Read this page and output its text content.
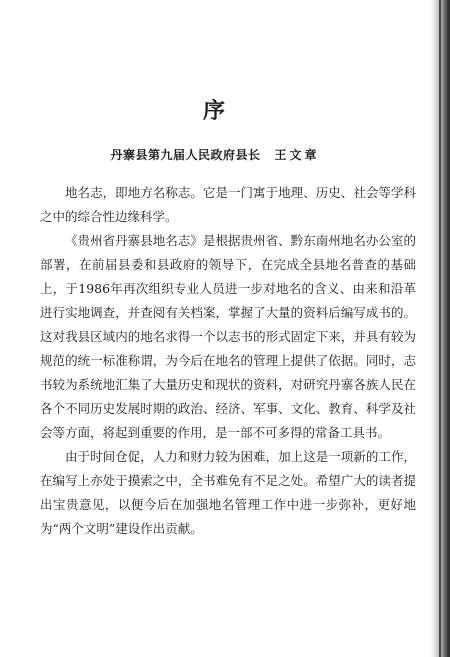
序
丹寨县第九届人民政府县长 王文章

地名志，即地方名称志。它是一门寓于地理、历史、社会等学科之中的综合性边缘科学。

《贵州省丹寨县地名志》是根据贵州省、黔东南州地名办公室的部署，在前届县委和县政府的领导下，在完成全县地名普查的基础上，于1986年再次组织专业人员进一步对地名的含义、由来和沿革进行实地调查，并查阅有关档案，掌握了大量的资料后编写成书的。这对我县区域内的地名求得一个以志书的形式固定下来，并具有较为规范的统一标准称谓，为今后在地名的管理上提供了依据。同时，志书较为系统地汇集了大量历史和现状的资料，对研究丹寨各族人民在各个不同历史发展时期的政治、经济、军事、文化、教育、科学及社会等方面，将起到重要的作用，是一部不可多得的常备工具书。

由于时间仓促，人力和财力较为困难，加上这是一项新的工作，在编写上亦处于摸索之中，全书难免有不足之处。希望广大的读者提出宝贵意见，以便今后在加强地名管理工作中进一步弥补，更好地为“两个文明”建设作出贡献。
